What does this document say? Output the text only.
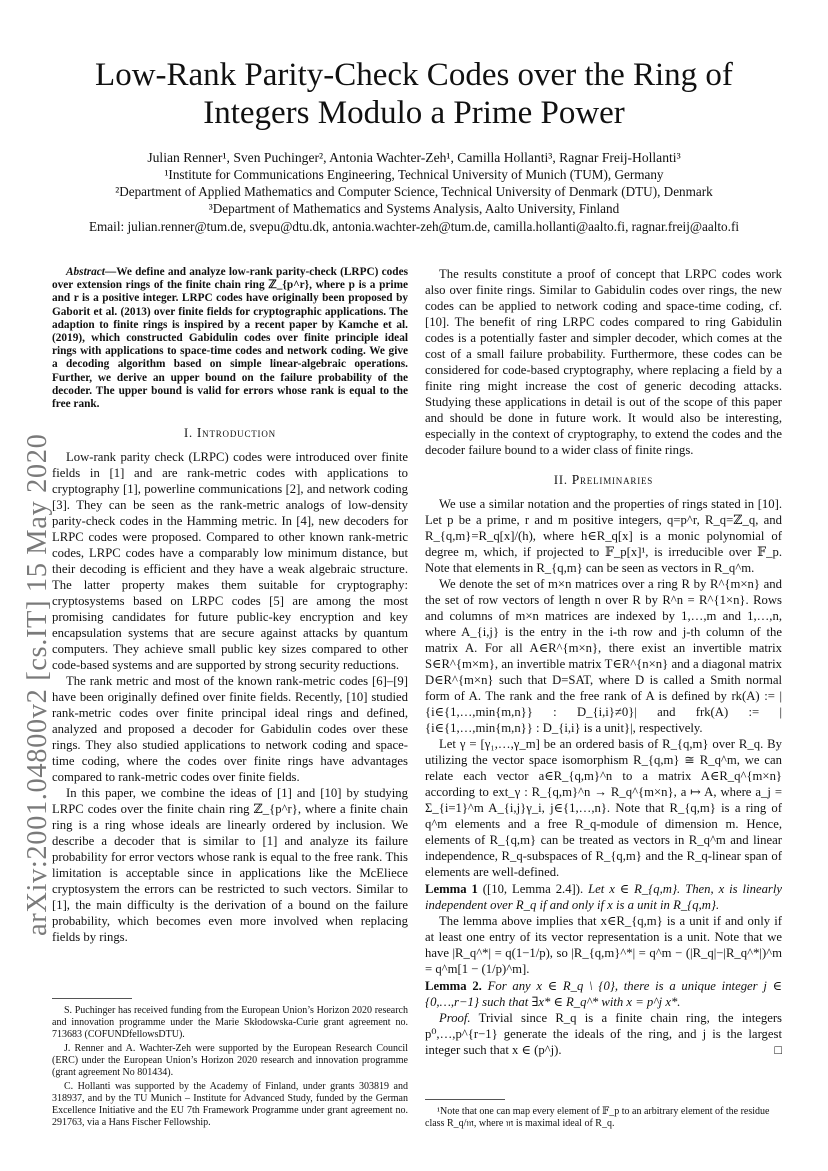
arXiv:2001.04800v2 [cs.IT] 15 May 2020
Low-Rank Parity-Check Codes over the Ring of Integers Modulo a Prime Power
Julian Renner¹, Sven Puchinger², Antonia Wachter-Zeh¹, Camilla Hollanti³, Ragnar Freij-Hollanti³
¹Institute for Communications Engineering, Technical University of Munich (TUM), Germany
²Department of Applied Mathematics and Computer Science, Technical University of Denmark (DTU), Denmark
³Department of Mathematics and Systems Analysis, Aalto University, Finland
Email: julian.renner@tum.de, svepu@dtu.dk, antonia.wachter-zeh@tum.de, camilla.hollanti@aalto.fi, ragnar.freij@aalto.fi

Abstract—We define and analyze low-rank parity-check (LRPC) codes over extension rings of the finite chain ring ℤ_{p^r}, where p is a prime and r is a positive integer. LRPC codes have originally been proposed by Gaborit et al. (2013) over finite fields for cryptographic applications. The adaption to finite rings is inspired by a recent paper by Kamche et al. (2019), which constructed Gabidulin codes over finite principle ideal rings with applications to space-time codes and network coding. We give a decoding algorithm based on simple linear-algebraic operations. Further, we derive an upper bound on the failure probability of the decoder. The upper bound is valid for errors whose rank is equal to the free rank.

I. Introduction

Low-rank parity check (LRPC) codes were introduced over finite fields in [1] and are rank-metric codes with applications to cryptography [1], powerline communications [2], and network coding [3]. They can be seen as the rank-metric analogs of low-density parity-check codes in the Hamming metric. In [4], new decoders for LRPC codes were proposed. Compared to other known rank-metric codes, LRPC codes have a comparably low minimum distance, but their decoding is efficient and they have a weak algebraic structure. The latter property makes them suitable for cryptography: cryptosystems based on LRPC codes [5] are among the most promising candidates for future public-key encryption and key encapsulation systems that are secure against attacks by quantum computers. They achieve small public key sizes compared to other code-based systems and are supported by strong security reductions.

The rank metric and most of the known rank-metric codes [6]–[9] have been originally defined over finite fields. Recently, [10] studied rank-metric codes over finite principal ideal rings and defined, analyzed and proposed a decoder for Gabidulin codes over these rings. They also studied applications to network coding and space-time coding, where the codes over finite rings have advantages compared to rank-metric codes over finite fields.

In this paper, we combine the ideas of [1] and [10] by studying LRPC codes over the finite chain ring ℤ_{p^r}, where a finite chain ring is a ring whose ideals are linearly ordered by inclusion. We describe a decoder that is similar to [1] and analyze its failure probability for error vectors whose rank is equal to the free rank. This limitation is acceptable since in applications like the McEliece cryptosystem the errors can be restricted to such vectors. Similar to [1], the main difficulty is the derivation of a bound on the failure probability, which becomes even more involved when replacing fields by rings.

S. Puchinger has received funding from the European Union’s Horizon 2020 research and innovation programme under the Marie Skłodowska-Curie grant agreement no. 713683 (COFUNDfellowsDTU).

J. Renner and A. Wachter-Zeh were supported by the European Research Council (ERC) under the European Union’s Horizon 2020 research and innovation programme (grant agreement No 801434).

C. Hollanti was supported by the Academy of Finland, under grants 303819 and 318937, and by the TU Munich – Institute for Advanced Study, funded by the German Excellence Initiative and the EU 7th Framework Programme under grant agreement no. 291763, via a Hans Fischer Fellowship.

The results constitute a proof of concept that LRPC codes work also over finite rings. Similar to Gabidulin codes over rings, the new codes can be applied to network coding and space-time coding, cf. [10]. The benefit of ring LRPC codes compared to ring Gabidulin codes is a potentially faster and simpler decoder, which comes at the cost of a small failure probability. Furthermore, these codes can be considered for code-based cryptography, where replacing a field by a finite ring might increase the cost of generic decoding attacks. Studying these applications in detail is out of the scope of this paper and should be done in future work. It would also be interesting, especially in the context of cryptography, to extend the codes and the decoder failure bound to a wider class of finite rings.

II. Preliminaries

We use a similar notation and the properties of rings stated in [10]. Let p be a prime, r and m positive integers, q=p^r, R_q=ℤ_q, and R_{q,m}=R_q[x]/(h), where h∈R_q[x] is a monic polynomial of degree m, which, if projected to 𝔽_p[x]¹, is irreducible over 𝔽_p. Note that elements in R_{q,m} can be seen as vectors in R_q^m.

We denote the set of m×n matrices over a ring R by R^{m×n} and the set of row vectors of length n over R by R^n = R^{1×n}. Rows and columns of m×n matrices are indexed by 1,…,m and 1,…,n, where A_{i,j} is the entry in the i-th row and j-th column of the matrix A. For all A∈R^{m×n}, there exist an invertible matrix S∈R^{m×m}, an invertible matrix T∈R^{n×n} and a diagonal matrix D∈R^{m×n} such that D=SAT, where D is called a Smith normal form of A. The rank and the free rank of A is defined by rk(A) := |{i∈{1,…,min{m,n}} : D_{i,i}≠0}| and frk(A) := |{i∈{1,…,min{m,n}} : D_{i,i} is a unit}|, respectively.

Let γ = [γ₁,…,γ_m] be an ordered basis of R_{q,m} over R_q. By utilizing the vector space isomorphism R_{q,m} ≅ R_q^m, we can relate each vector a∈R_{q,m}^n to a matrix A∈R_q^{m×n} according to ext_γ : R_{q,m}^n → R_q^{m×n}, a ↦ A, where a_j = Σ_{i=1}^m A_{i,j}γ_i, j∈{1,…,n}. Note that R_{q,m} is a ring of q^m elements and a free R_q-module of dimension m. Hence, elements of R_{q,m} can be treated as vectors in R_q^m and linear independence, R_q-subspaces of R_{q,m} and the R_q-linear span of elements are well-defined.

Lemma 1 ([10, Lemma 2.4]). Let x ∈ R_{q,m}. Then, x is linearly independent over R_q if and only if x is a unit in R_{q,m}.

The lemma above implies that x∈R_{q,m} is a unit if and only if at least one entry of its vector representation is a unit. Note that we have |R_q^*| = q(1−1/p), so |R_{q,m}^*| = q^m − (|R_q|−|R_q^*|)^m = q^m[1 − (1/p)^m].

Lemma 2. For any x ∈ R_q \ {0}, there is a unique integer j ∈ {0,…,r−1} such that ∃x* ∈ R_q^* with x = p^j x*.

Proof. Trivial since R_q is a finite chain ring, the integers p⁰,…,p^{r−1} generate the ideals of the ring, and j is the largest integer such that x ∈ (p^j).	□

¹Note that one can map every element of 𝔽_p to an arbitrary element of the residue class R_q/𝔪, where 𝔪 is maximal ideal of R_q.
